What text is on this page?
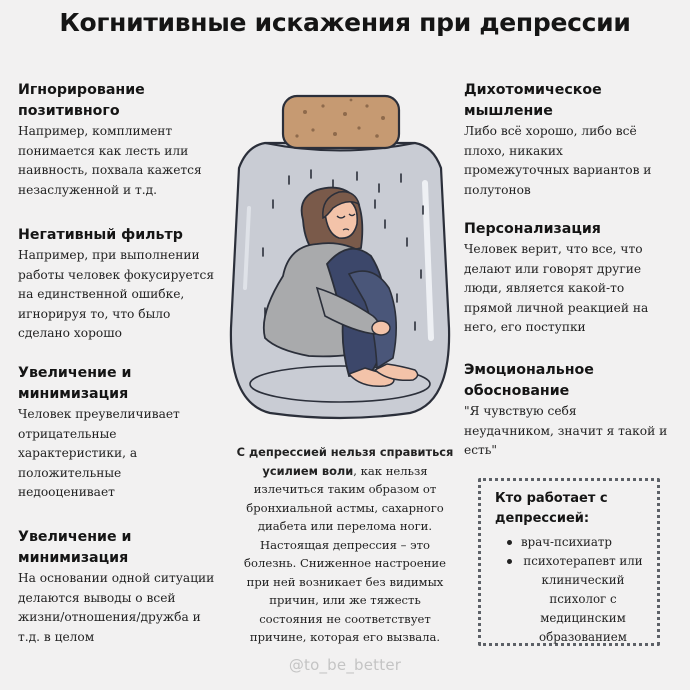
Когнитивные искажения при депрессии
Игнорирование
позитивного
Например, комплимент
понимается как лесть или
наивность, похвала кажется
незаслуженной и т.д.
Негативный фильтр
Например, при выполнении
работы человек фокусируется
на единственной ошибке,
игнорируя то, что было
сделано хорошо
Увеличение и
минимизация
Человек преувеличивает
отрицательные
характеристики, а
положительные
недооценивает
Увеличение и
минимизация
На основании одной ситуации
делаются выводы о всей
жизни/отношения/дружба и
т.д. в целом
Дихотомическое
мышление
Либо всё хорошо, либо всё
плохо, никаких
промежуточных вариантов и
полутонов
Персонализация
Человек верит, что все, что
делают или говорят другие
люди, является какой-то
прямой личной реакцией на
него, его поступки
Эмоциональное
обоснование
"Я чувствую себя
неудачником, значит я такой и
есть"
С депрессией нельзя справиться
усилием воли, как нельзя
излечиться таким образом от
бронхиальной астмы, сахарного
диабета или перелома ноги.
Настоящая депрессия – это
болезнь. Сниженное настроение
при ней возникает без видимых
причин, или же тяжесть
состояния не соответствует
причине, которая его вызвала.
Кто работает с депрессией:
врач-психиатр
психотерапевт или клинический психолог с медицинским образованием
@to_be_better
